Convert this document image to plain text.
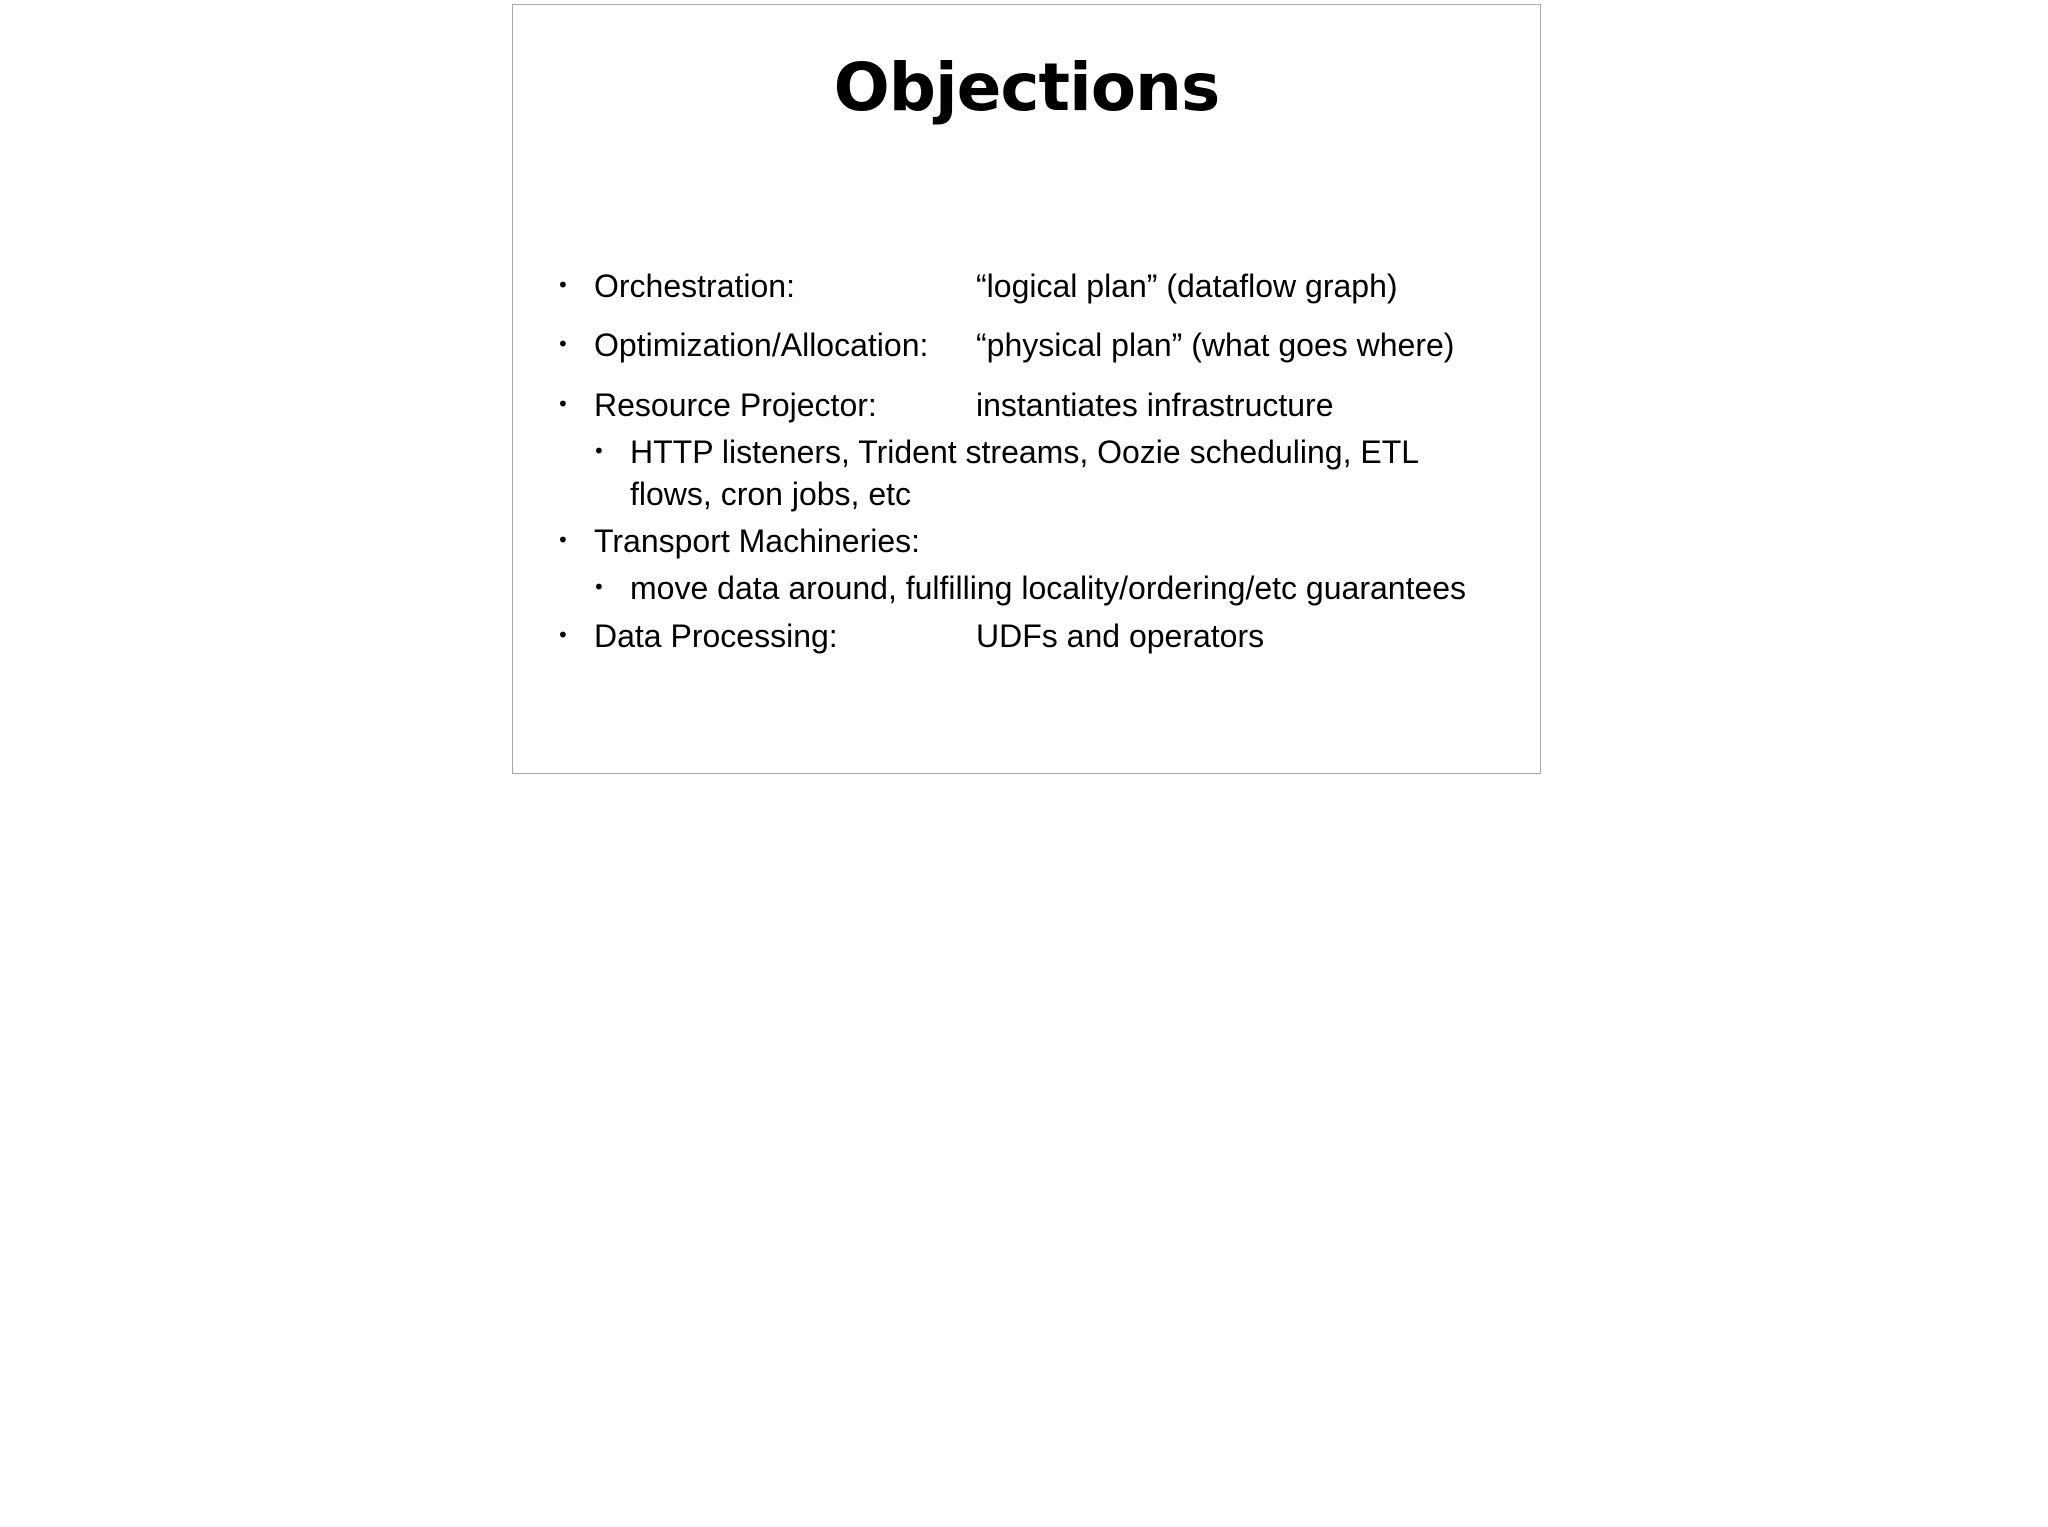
Objections
• Orchestration:	“logical plan” (dataflow graph)
• Optimization/Allocation: “physical plan” (what goes where)
• Resource Projector:	instantiates infrastructure
• HTTP listeners, Trident streams, Oozie scheduling, ETL
flows, cron jobs, etc
• Transport Machineries:
• move data around, fulfilling locality/ordering/etc guarantees
• Data Processing:	UDFs and operators
